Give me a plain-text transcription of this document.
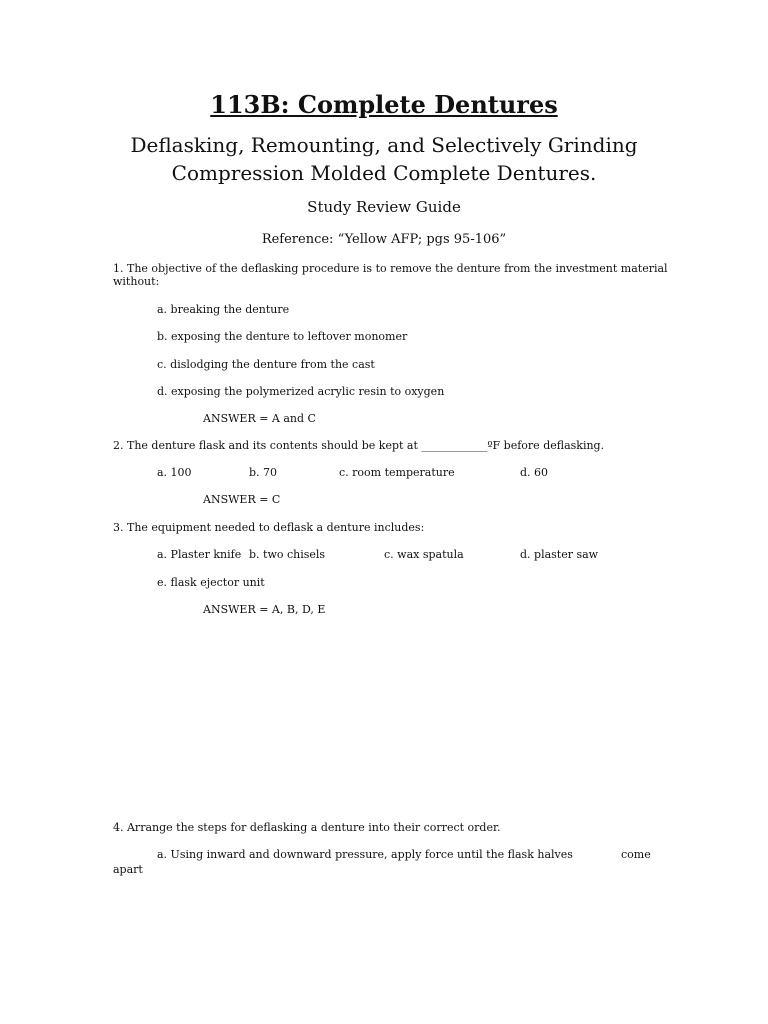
113B: Complete Dentures
Deflasking, Remounting, and Selectively Grinding
Compression Molded Complete Dentures.
Study Review Guide
Reference: “Yellow AFP; pgs 95-106”
1. The objective of the deflasking procedure is to remove the denture from the investment material without:
a. breaking the denture
b. exposing the denture to leftover monomer
c. dislodging the denture from the cast
d. exposing the polymerized acrylic resin to oxygen
ANSWER = A and C
2. The denture flask and its contents should be kept at ____________ºF before deflasking.
a. 100	b. 70	c. room temperature	d. 60
ANSWER = C
3. The equipment needed to deflask a denture includes:
a. Plaster knife b. two chisels	c. wax spatula	d. plaster saw
e. flask ejector unit
ANSWER = A, B, D, E
4. Arrange the steps for deflasking a denture into their correct order.
a. Using inward and downward pressure, apply force until the flask halves	come
apart
